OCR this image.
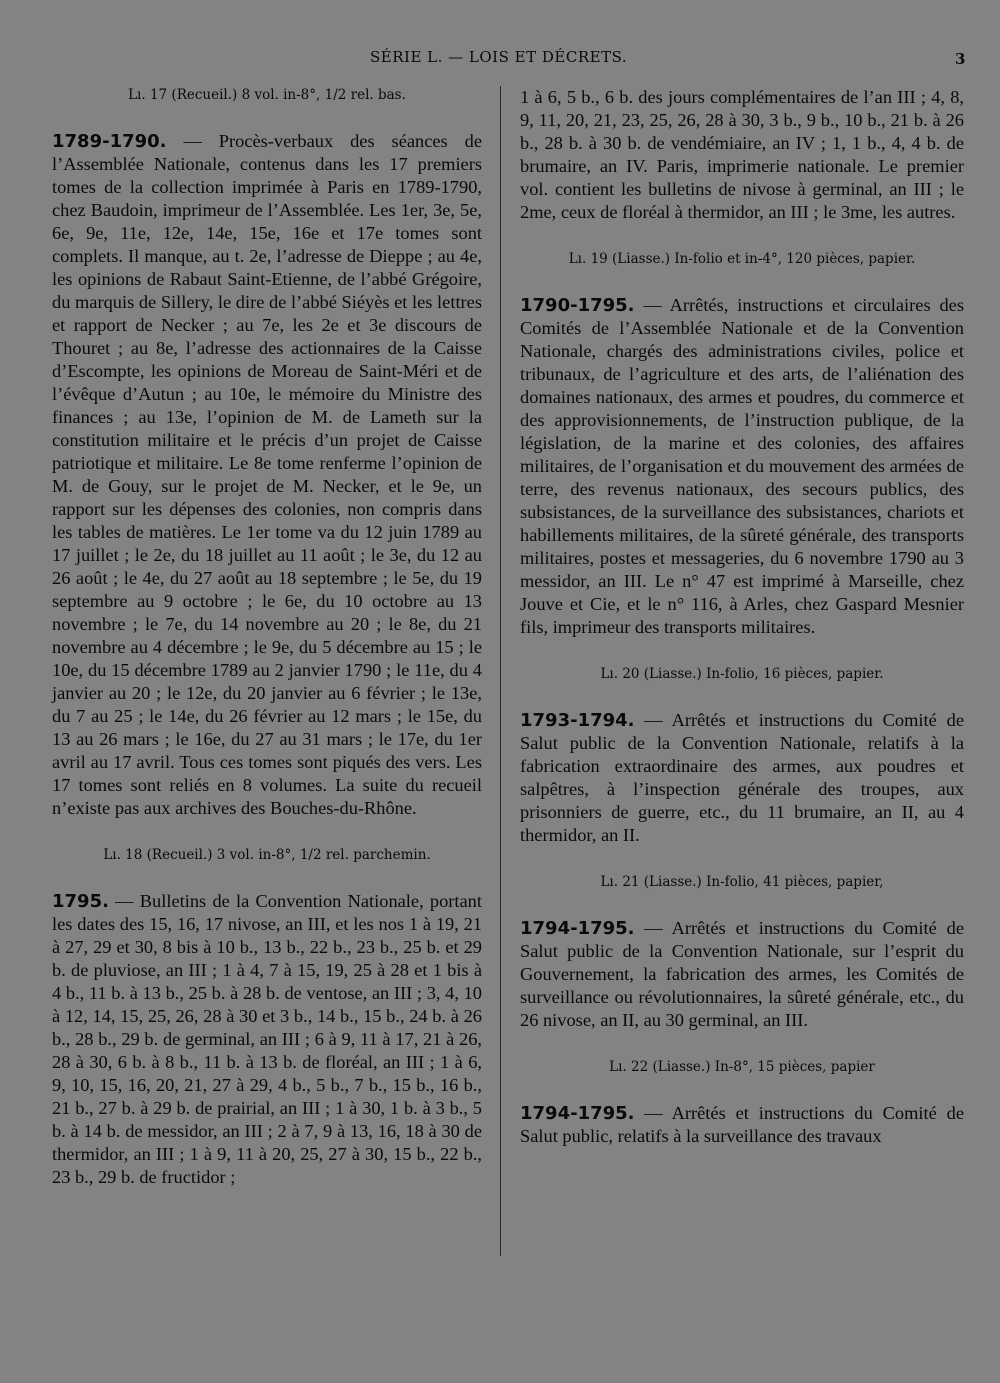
SÉRIE L. — LOIS ET DÉCRETS.	3
Lı. 17 (Recueil.) 8 vol. in-8°, 1/2 rel. bas.

1789-1790. — Procès-verbaux des séances de l’Assemblée Nationale, contenus dans les 17 premiers tomes de la collection imprimée à Paris en 1789-1790, chez Baudoin, imprimeur de l’Assemblée. Les 1er, 3e, 5e, 6e, 9e, 11e, 12e, 14e, 15e, 16e et 17e tomes sont complets. Il manque, au t. 2e, l’adresse de Dieppe ; au 4e, les opinions de Rabaut Saint-Etienne, de l’abbé Grégoire, du marquis de Sillery, le dire de l’abbé Siéyès et les lettres et rapport de Necker ; au 7e, les 2e et 3e discours de Thouret ; au 8e, l’adresse des actionnaires de la Caisse d’Escompte, les opinions de Moreau de Saint-Méri et de l’évêque d’Autun ; au 10e, le mémoire du Ministre des finances ; au 13e, l’opinion de M. de Lameth sur la constitution militaire et le précis d’un projet de Caisse patriotique et militaire. Le 8e tome renferme l’opinion de M. de Gouy, sur le projet de M. Necker, et le 9e, un rapport sur les dépenses des colonies, non compris dans les tables de matières. Le 1er tome va du 12 juin 1789 au 17 juillet ; le 2e, du 18 juillet au 11 août ; le 3e, du 12 au 26 août ; le 4e, du 27 août au 18 septembre ; le 5e, du 19 septembre au 9 octobre ; le 6e, du 10 octobre au 13 novembre ; le 7e, du 14 novembre au 20 ; le 8e, du 21 novembre au 4 décembre ; le 9e, du 5 décembre au 15 ; le 10e, du 15 décembre 1789 au 2 janvier 1790 ; le 11e, du 4 janvier au 20 ; le 12e, du 20 janvier au 6 février ; le 13e, du 7 au 25 ; le 14e, du 26 février au 12 mars ; le 15e, du 13 au 26 mars ; le 16e, du 27 au 31 mars ; le 17e, du 1er avril au 17 avril. Tous ces tomes sont piqués des vers. Les 17 tomes sont reliés en 8 volumes. La suite du recueil n’existe pas aux archives des Bouches-du-Rhône.

Lı. 18 (Recueil.) 3 vol. in-8°, 1/2 rel. parchemin.

1795. — Bulletins de la Convention Nationale, portant les dates des 15, 16, 17 nivose, an III, et les nos 1 à 19, 21 à 27, 29 et 30, 8 bis à 10 b., 13 b., 22 b., 23 b., 25 b. et 29 b. de pluviose, an III ; 1 à 4, 7 à 15, 19, 25 à 28 et 1 bis à 4 b., 11 b. à 13 b., 25 b. à 28 b. de ventose, an III ; 3, 4, 10 à 12, 14, 15, 25, 26, 28 à 30 et 3 b., 14 b., 15 b., 24 b. à 26 b., 28 b., 29 b. de germinal, an III ; 6 à 9, 11 à 17, 21 à 26, 28 à 30, 6 b. à 8 b., 11 b. à 13 b. de floréal, an III ; 1 à 6, 9, 10, 15, 16, 20, 21, 27 à 29, 4 b., 5 b., 7 b., 15 b., 16 b., 21 b., 27 b. à 29 b. de prairial, an III ; 1 à 30, 1 b. à 3 b., 5 b. à 14 b. de messidor, an III ; 2 à 7, 9 à 13, 16, 18 à 30 de thermidor, an III ; 1 à 9, 11 à 20, 25, 27 à 30, 15 b., 22 b., 23 b., 29 b. de fructidor ;

1 à 6, 5 b., 6 b. des jours complémentaires de l’an III ; 4, 8, 9, 11, 20, 21, 23, 25, 26, 28 à 30, 3 b., 9 b., 10 b., 21 b. à 26 b., 28 b. à 30 b. de vendémiaire, an IV ; 1, 1 b., 4, 4 b. de brumaire, an IV. Paris, imprimerie nationale. Le premier vol. contient les bulletins de nivose à germinal, an III ; le 2me, ceux de floréal à thermidor, an III ; le 3me, les autres.

Lı. 19 (Liasse.) In-folio et in-4°, 120 pièces, papier.

1790-1795. — Arrêtés, instructions et circulaires des Comités de l’Assemblée Nationale et de la Convention Nationale, chargés des administrations civiles, police et tribunaux, de l’agriculture et des arts, de l’aliénation des domaines nationaux, des armes et poudres, du commerce et des approvisionnements, de l’instruction publique, de la législation, de la marine et des colonies, des affaires militaires, de l’organisation et du mouvement des armées de terre, des revenus nationaux, des secours publics, des subsistances, de la surveillance des subsistances, chariots et habillements militaires, de la sûreté générale, des transports militaires, postes et messageries, du 6 novembre 1790 au 3 messidor, an III. Le n° 47 est imprimé à Marseille, chez Jouve et Cie, et le n° 116, à Arles, chez Gaspard Mesnier fils, imprimeur des transports militaires.

Lı. 20 (Liasse.) In-folio, 16 pièces, papier.

1793-1794. — Arrêtés et instructions du Comité de Salut public de la Convention Nationale, relatifs à la fabrication extraordinaire des armes, aux poudres et salpêtres, à l’inspection générale des troupes, aux prisonniers de guerre, etc., du 11 brumaire, an II, au 4 thermidor, an II.

Lı. 21 (Liasse.) In-folio, 41 pièces, papier,

1794-1795. — Arrêtés et instructions du Comité de Salut public de la Convention Nationale, sur l’esprit du Gouvernement, la fabrication des armes, les Comités de surveillance ou révolutionnaires, la sûreté générale, etc., du 26 nivose, an II, au 30 germinal, an III.

Lı. 22 (Liasse.) In-8°, 15 pièces, papier

1794-1795. — Arrêtés et instructions du Comité de Salut public, relatifs à la surveillance des travaux
